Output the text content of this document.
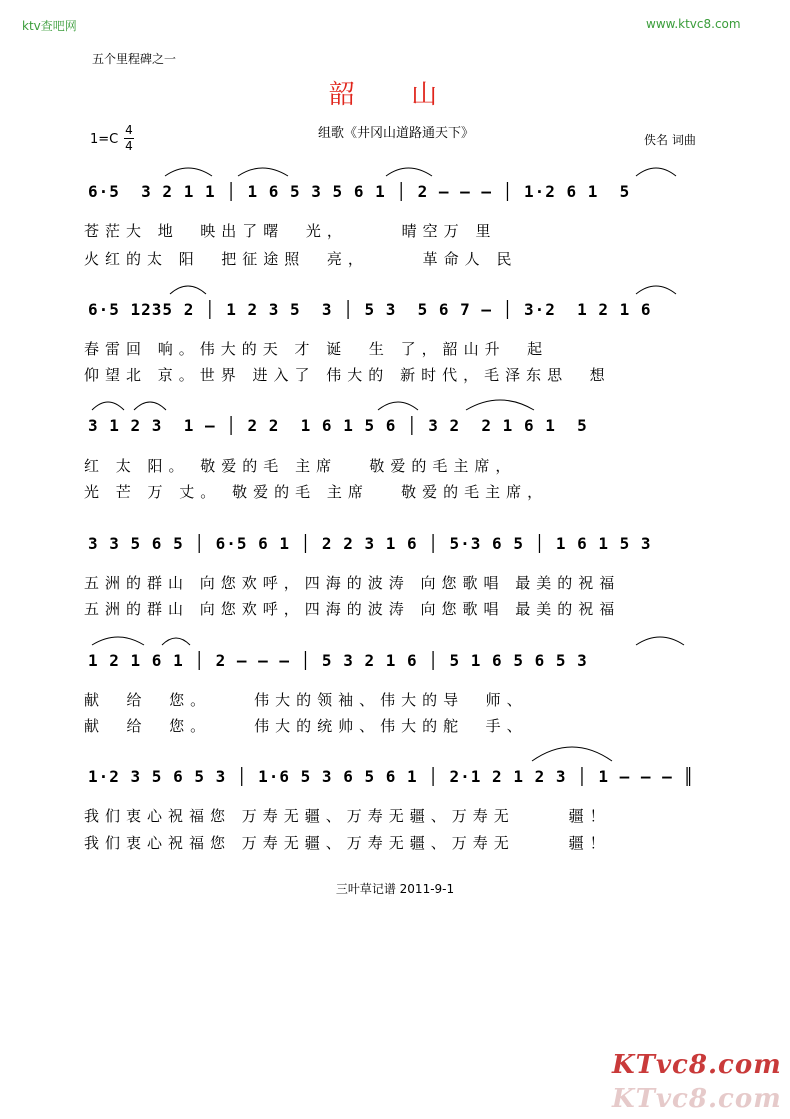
ktv查吧网	www.ktvc8.com
五个里程碑之一
韶 山
组歌《井冈山道路通天下》
1=C
4
4	佚名 词曲
6·5  3 2 1 1 │ 1 6 5 3 5 6 1 │ 2 – – – │ 1·2 6 1  5
苍茫大 地  映出了曙  光，     晴空万 里
火红的太 阳  把征途照  亮，     革命人 民
6·5 1235 2 │ 1 2 3 5  3 │ 5 3  5 6 7 – │ 3·2  1 2 1 6
春雷回 响。伟大的天 才 诞  生 了，韶山升  起
仰望北 京。世界 进入了 伟大的 新时代，毛泽东思  想
3 1 2 3  1 – │ 2 2  1 6 1 5 6 │ 3 2  2 1 6 1  5
红 太 阳。 敬爱的毛 主席   敬爱的毛主席，
光 芒 万 丈。 敬爱的毛 主席   敬爱的毛主席，
3 3 5 6 5 │ 6·5 6 1 │ 2 2 3 1 6 │ 5·3 6 5 │ 1 6 1 5 3
五洲的群山 向您欢呼，四海的波涛 向您歌唱 最美的祝福
五洲的群山 向您欢呼，四海的波涛 向您歌唱 最美的祝福
1 2 1 6 1 │ 2 – – – │ 5 3 2 1 6 │ 5 1 6 5 6 5 3
献  给  您。    伟大的领袖、伟大的导  师、
献  给  您。    伟大的统帅、伟大的舵  手、
1·2 3 5 6 5 3 │ 1·6 5 3 6 5 6 1 │ 2·1 2 1 2 3 │ 1 – – – ║
我们衷心祝福您 万寿无疆、万寿无疆、万寿无     疆！
我们衷心祝福您 万寿无疆、万寿无疆、万寿无     疆！
三叶草记谱 2011-9-1
KTvc8.com
KTvc8.com
